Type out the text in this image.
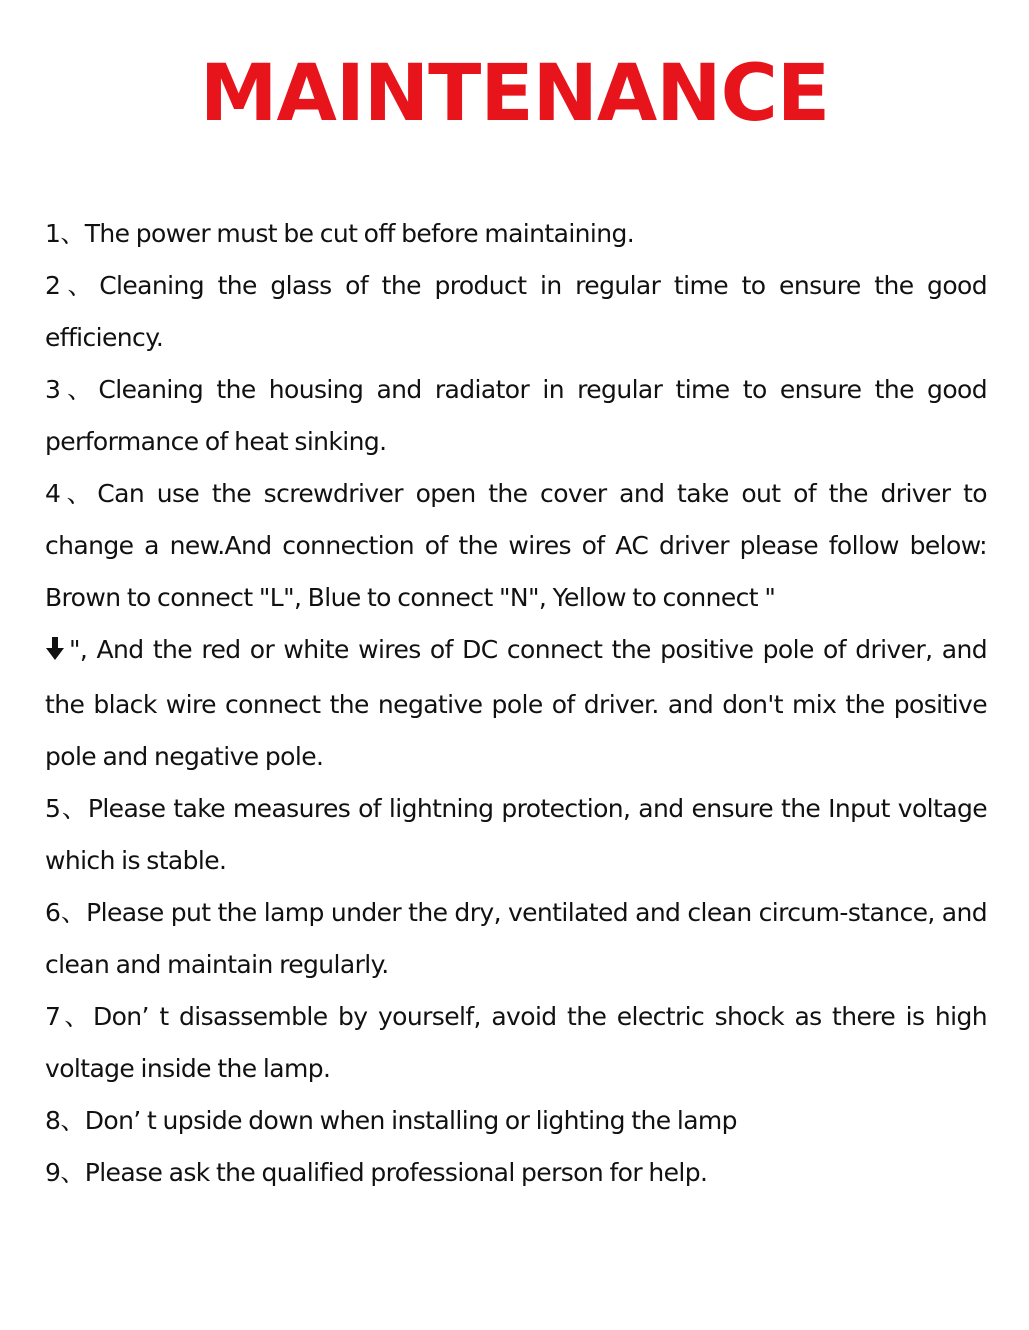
MAINTENANCE
1、The power must be cut off before maintaining.
2、Cleaning the glass of the product in regular time to ensure the good efficiency.
3、Cleaning the housing and radiator in regular time to ensure the good performance of heat sinking.
4、Can use the screwdriver open the cover and take out of the driver to change a new.And connection of the wires of AC driver please follow below: Brown to connect "L", Blue to connect "N", Yellow to connect "
", And the red or white wires of DC connect the positive pole of driver, and the black wire connect the negative pole of driver. and don't mix the positive pole and negative pole.
5、Please take measures of lightning protection, and ensure the Input voltage which is stable.
6、Please put the lamp under the dry, ventilated and clean circum-stance, and clean and maintain regularly.
7、Don’ t disassemble by yourself, avoid the electric shock as there is high voltage inside the lamp.
8、Don’ t upside down when installing or lighting the lamp
9、Please ask the qualified professional person for help.
